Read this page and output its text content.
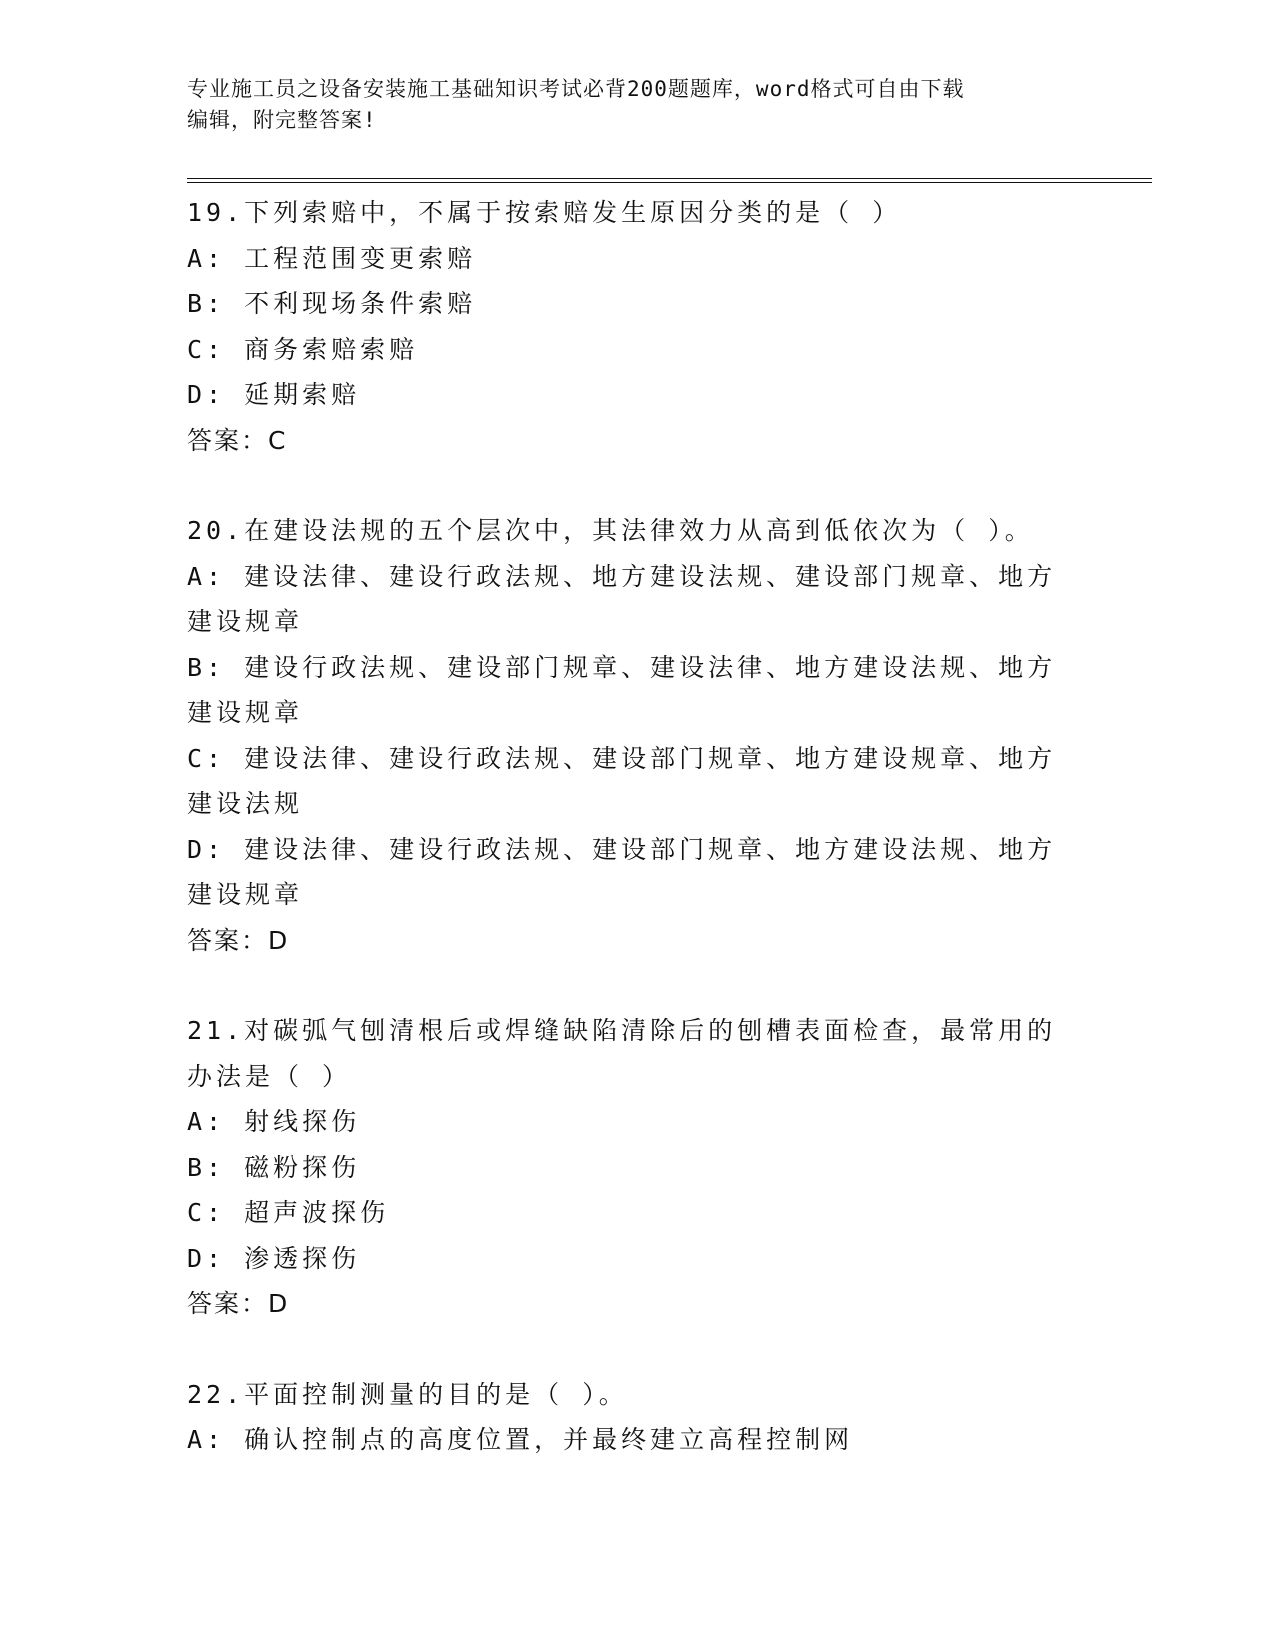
专业施工员之设备安装施工基础知识考试必背200题题库，word格式可自由下载
编辑，附完整答案!
19.下列索赔中，不属于按索赔发生原因分类的是（ ）
A: 工程范围变更索赔
B: 不利现场条件索赔
C: 商务索赔索赔
D: 延期索赔
答案：C
20.在建设法规的五个层次中，其法律效力从高到低依次为（ ）。
A: 建设法律、建设行政法规、地方建设法规、建设部门规章、地方建设规章
B: 建设行政法规、建设部门规章、建设法律、地方建设法规、地方建设规章
C: 建设法律、建设行政法规、建设部门规章、地方建设规章、地方建设法规
D: 建设法律、建设行政法规、建设部门规章、地方建设法规、地方建设规章
答案：D
21.对碳弧气刨清根后或焊缝缺陷清除后的刨槽表面检查，最常用的办法是（ ）
A: 射线探伤
B: 磁粉探伤
C: 超声波探伤
D: 渗透探伤
答案：D
22.平面控制测量的目的是（ ）。
A: 确认控制点的高度位置，并最终建立高程控制网
